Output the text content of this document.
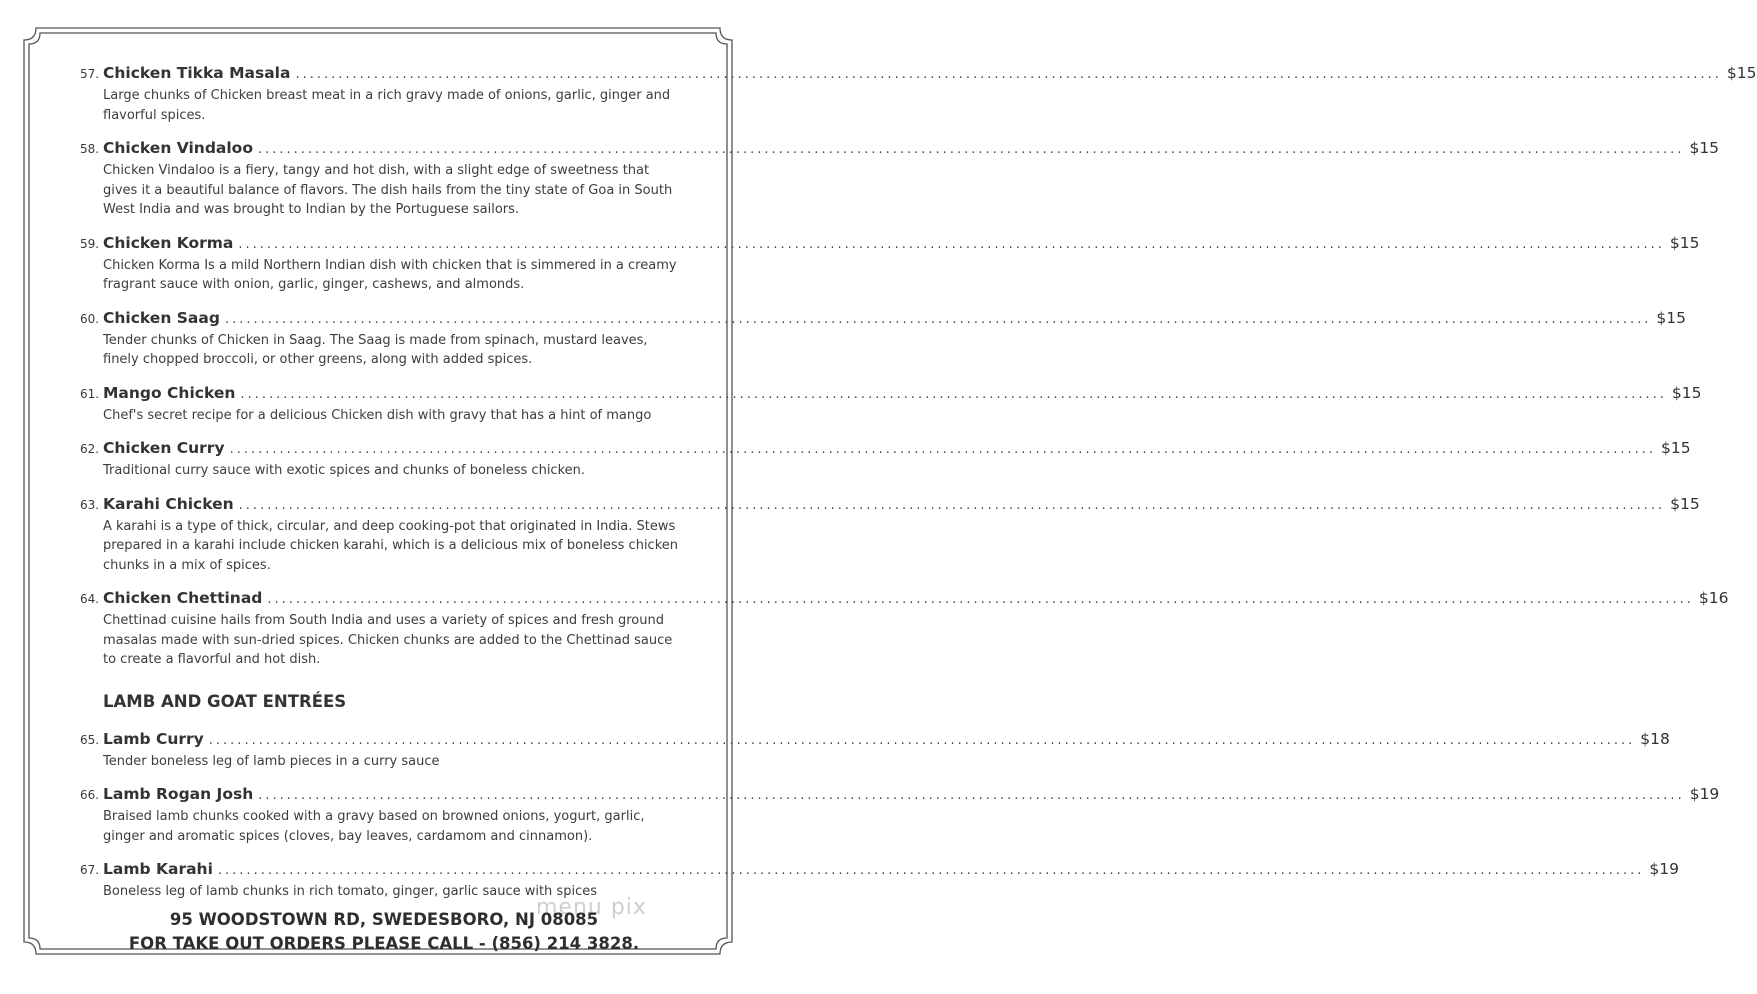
57. Chicken Tikka Masala ........................................................................................................................................................................................................ $15
Large chunks of Chicken breast meat in a rich gravy made of onions, garlic, ginger and flavorful spices.
58. Chicken Vindaloo ........................................................................................................................................................................................................ $15
Chicken Vindaloo is a fiery, tangy and hot dish, with a slight edge of sweetness that gives it a beautiful balance of flavors. The dish hails from the tiny state of Goa in South West India and was brought to Indian by the Portuguese sailors.
59. Chicken Korma ........................................................................................................................................................................................................ $15
Chicken Korma Is a mild Northern Indian dish with chicken that is simmered in a creamy fragrant sauce with onion, garlic, ginger, cashews, and almonds.
60. Chicken Saag ........................................................................................................................................................................................................ $15
Tender chunks of Chicken in Saag. The Saag is made from spinach, mustard leaves, finely chopped broccoli, or other greens, along with added spices.
61. Mango Chicken ........................................................................................................................................................................................................ $15
Chef's secret recipe for a delicious Chicken dish with gravy that has a hint of mango
62. Chicken Curry ........................................................................................................................................................................................................ $15
Traditional curry sauce with exotic spices and chunks of boneless chicken.
63. Karahi Chicken ........................................................................................................................................................................................................ $15
A karahi is a type of thick, circular, and deep cooking-pot that originated in India. Stews prepared in a karahi include chicken karahi, which is a delicious mix of boneless chicken chunks in a mix of spices.
64. Chicken Chettinad ........................................................................................................................................................................................................ $16
Chettinad cuisine hails from South India and uses a variety of spices and fresh ground masalas made with sun-dried spices. Chicken chunks are added to the Chettinad sauce to create a flavorful and hot dish.
LAMB AND GOAT ENTRÉES
65. Lamb Curry ........................................................................................................................................................................................................ $18
Tender boneless leg of lamb pieces in a curry sauce
66. Lamb Rogan Josh ........................................................................................................................................................................................................ $19
Braised lamb chunks cooked with a gravy based on browned onions, yogurt, garlic, ginger and aromatic spices (cloves, bay leaves, cardamom and cinnamon).
67. Lamb Karahi ........................................................................................................................................................................................................ $19
Boneless leg of lamb chunks in rich tomato, ginger, garlic sauce with spices
menu pix
95 WOODSTOWN RD, SWEDESBORO, NJ 08085
FOR TAKE OUT ORDERS PLEASE CALL - (856) 214 3828.
